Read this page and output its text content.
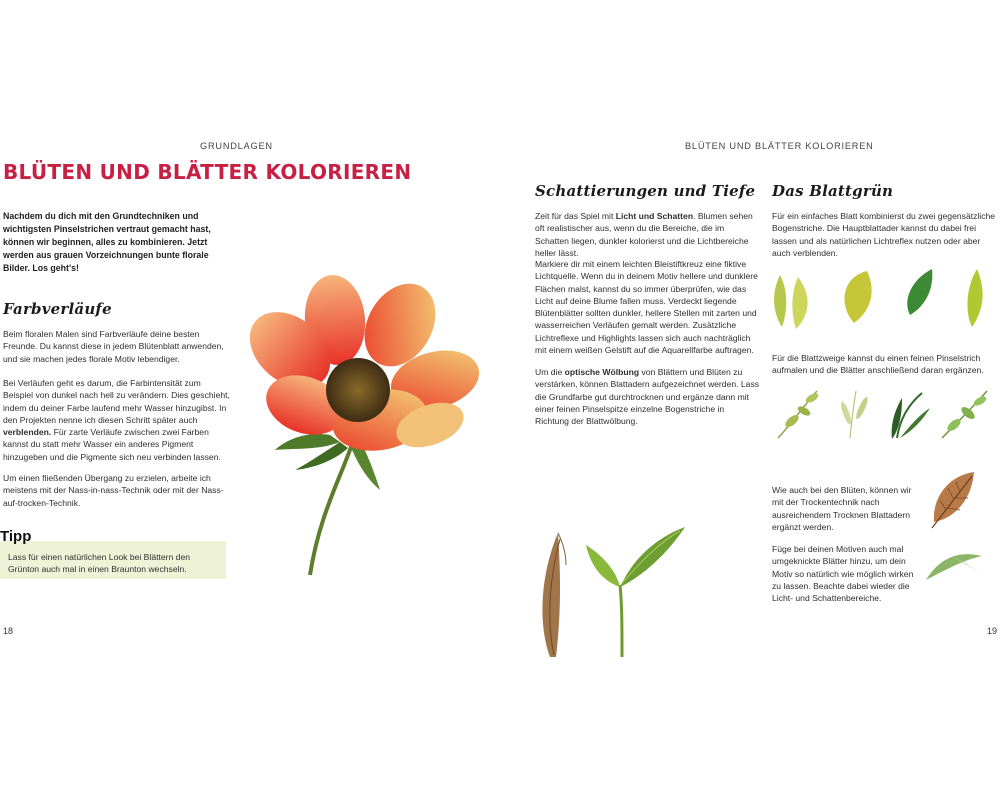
GRUNDLAGEN
BLÜTEN UND BLÄTTER KOLORIEREN

Nachdem du dich mit den Grundtechniken und wichtigsten Pinselstrichen vertraut gemacht hast, können wir beginnen, alles zu kombinieren. Jetzt werden aus grauen Vorzeichnungen bunte florale Bilder. Los geht's!

Farbverläufe

Beim floralen Malen sind Farbverläufe deine besten Freunde. Du kannst diese in jedem Blütenblatt anwenden, und sie machen jedes florale Motiv lebendiger.

Bei Verläufen geht es darum, die Farbintensität zum Beispiel von dunkel nach hell zu verändern. Dies geschieht, indem du deiner Farbe laufend mehr Wasser hinzugibst. In den Projekten nenne ich diesen Schritt später auch verblenden. Für zarte Verläufe zwischen zwei Farben kannst du statt mehr Wasser ein anderes Pigment hinzugeben und die Pigmente sich neu verbinden lassen.

Um einen fließenden Übergang zu erzielen, arbeite ich meistens mit der Nass-in-nass-Technik oder mit der Nass-auf-trocken-Technik.

Tipp

Lass für einen natürlichen Look bei Blättern den Grünton auch mal in einen Braunton wechseln.

18
BLÜTEN UND BLÄTTER KOLORIEREN
Schattierungen und Tiefe

Zeit für das Spiel mit Licht und Schatten. Blumen sehen oft realistischer aus, wenn du die Bereiche, die im Schatten liegen, dunkler kolorierst und die Lichtbereiche heller lässt.

Markiere dir mit einem leichten Bleistiftkreuz eine fiktive Lichtquelle. Wenn du in deinem Motiv hellere und dunklere Flächen malst, kannst du so immer überprüfen, wie das Licht auf deine Blume fallen muss. Verdeckt liegende Blütenblätter sollten dunkler, hellere Stellen mit zarten und wasserreichen Verläufen gemalt werden. Zusätzliche Lichtreflexe und Highlights lassen sich auch nachträglich mit einem weißen Gelstift auf die Aquarellfarbe auftragen.

Um die optische Wölbung von Blättern und Blüten zu verstärken, können Blattadern aufgezeichnet werden. Lass die Grundfarbe gut durchtrocknen und ergänze dann mit einer feinen Pinselspitze einzelne Bogenstriche in Richtung der Blattwölbung.

Das Blattgrün

Für ein einfaches Blatt kombinierst du zwei gegensätzliche Bogenstriche. Die Hauptblattader kannst du dabei frei lassen und als natürlichen Lichtreflex nutzen oder aber auch verblenden.

Für die Blattzweige kannst du einen feinen Pinselstrich aufmalen und die Blätter anschließend daran ergänzen.

Wie auch bei den Blüten, können wir mit der Trockentechnik nach ausreichendem Trocknen Blattadern ergänzt werden.

Füge bei deinen Motiven auch mal umgeknickte Blätter hinzu, um dein Motiv so natürlich wie möglich wirken zu lassen. Beachte dabei wieder die Licht- und Schattenbereiche.

19
